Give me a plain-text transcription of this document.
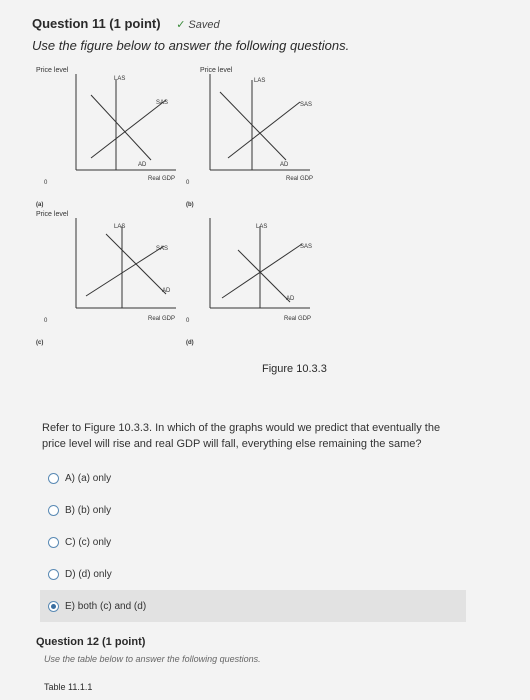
Question 11 (1 point) ✓ Saved
Use the figure below to answer the following questions.
Price level
LAS
SAS
AD
Real GDP
0
(a)
Price level
LAS
SAS
AD
Real GDP
0
(b)
Price level
LAS
SAS
AD
Real GDP
0
(c)
LAS
SAS
AD
Real GDP
0
(d)
Figure 10.3.3
Refer to Figure 10.3.3. In which of the graphs would we predict that eventually the price level will rise and real GDP will fall, everything else remaining the same?
A)
(a) only
B)
(b) only
C)
(c) only
D)
(d) only
E)
both (c) and (d)
Question 12 (1 point)
Use the table below to answer the following questions.
Table 11.1.1
